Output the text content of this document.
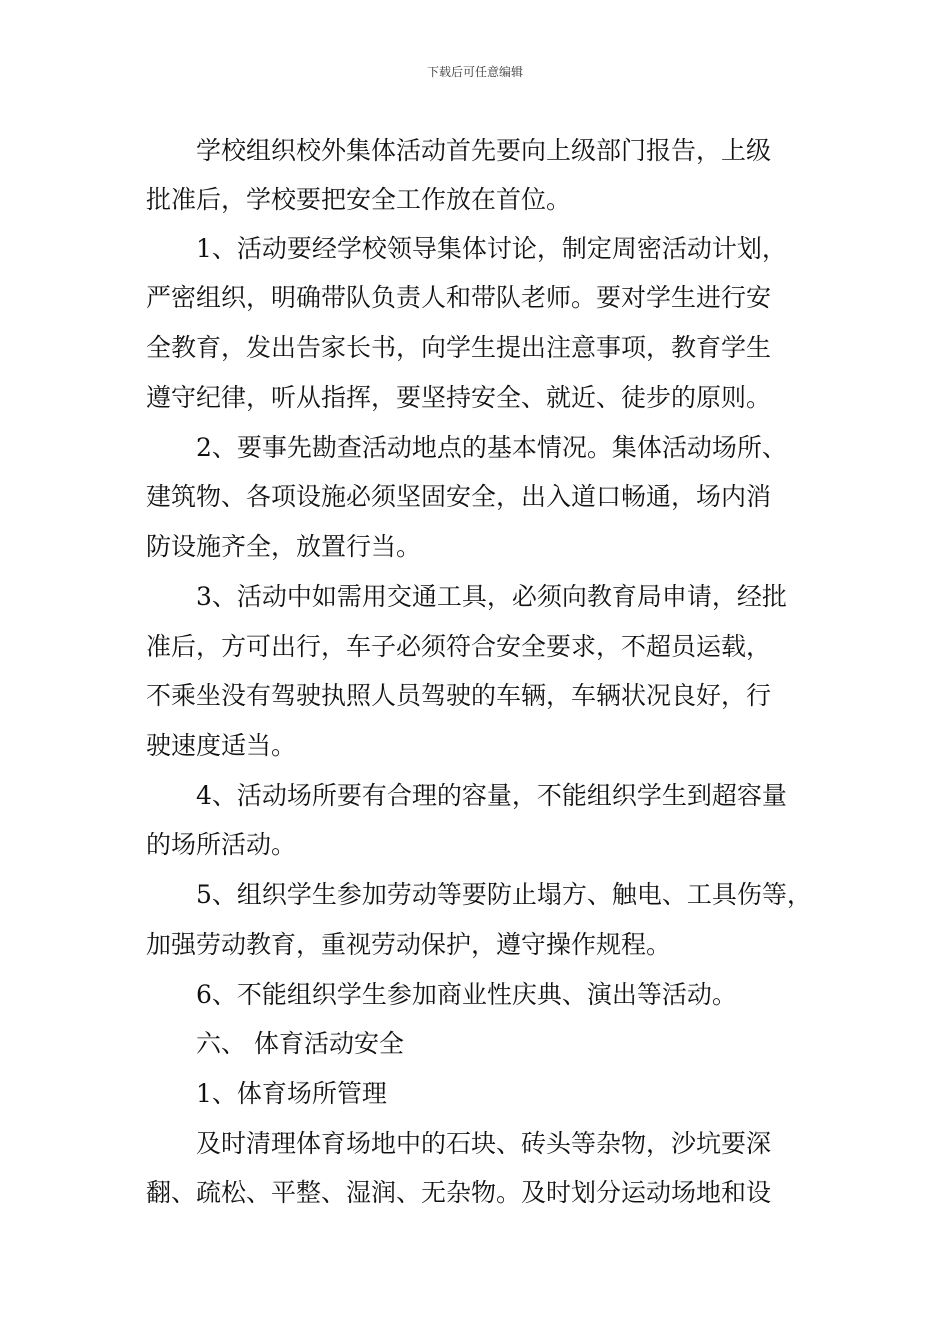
下载后可任意编辑
学校组织校外集体活动首先要向上级部门报告，上级
批准后，学校要把安全工作放在首位。
1、活动要经学校领导集体讨论，制定周密活动计划，
严密组织，明确带队负责人和带队老师。要对学生进行安
全教育，发出告家长书，向学生提出注意事项，教育学生
遵守纪律，听从指挥，要坚持安全、就近、徒步的原则。
2、要事先勘查活动地点的基本情况。集体活动场所、
建筑物、各项设施必须坚固安全，出入道口畅通，场内消
防设施齐全，放置行当。
3、活动中如需用交通工具，必须向教育局申请，经批
准后，方可出行，车子必须符合安全要求，不超员运载，
不乘坐没有驾驶执照人员驾驶的车辆，车辆状况良好，行
驶速度适当。
4、活动场所要有合理的容量，不能组织学生到超容量
的场所活动。
5、组织学生参加劳动等要防止塌方、触电、工具伤等，
加强劳动教育，重视劳动保护，遵守操作规程。
6、不能组织学生参加商业性庆典、演出等活动。
六、 体育活动安全
1、体育场所管理
及时清理体育场地中的石块、砖头等杂物，沙坑要深
翻、疏松、平整、湿润、无杂物。及时划分运动场地和设
